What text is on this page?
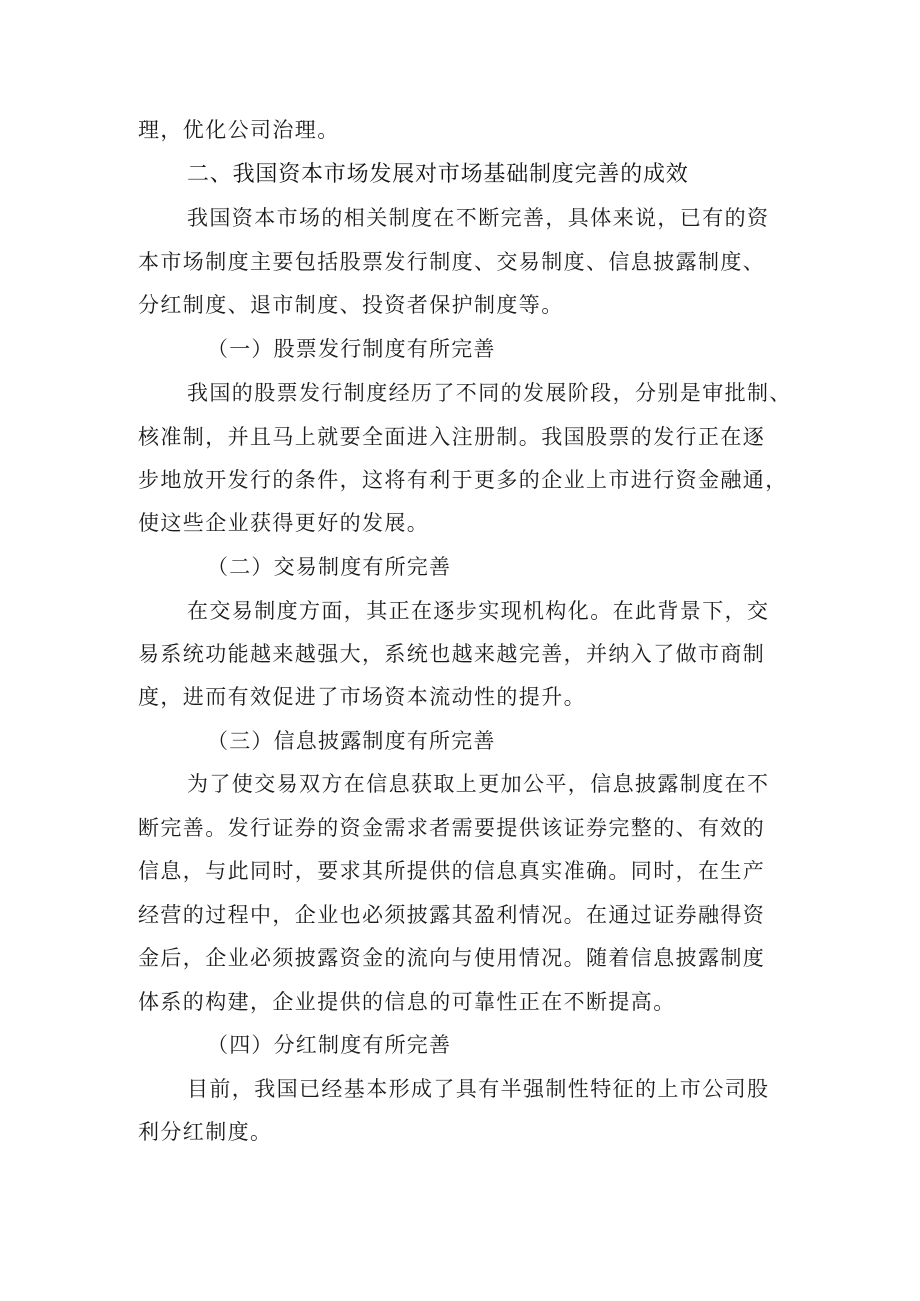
理，优化公司治理。
二、我国资本市场发展对市场基础制度完善的成效
我国资本市场的相关制度在不断完善，具体来说，已有的资
本市场制度主要包括股票发行制度、交易制度、信息披露制度、
分红制度、退市制度、投资者保护制度等。
（一）股票发行制度有所完善
我国的股票发行制度经历了不同的发展阶段，分别是审批制、
核准制，并且马上就要全面进入注册制。我国股票的发行正在逐
步地放开发行的条件，这将有利于更多的企业上市进行资金融通，
使这些企业获得更好的发展。
（二）交易制度有所完善
在交易制度方面，其正在逐步实现机构化。在此背景下，交
易系统功能越来越强大，系统也越来越完善，并纳入了做市商制
度，进而有效促进了市场资本流动性的提升。
（三）信息披露制度有所完善
为了使交易双方在信息获取上更加公平，信息披露制度在不
断完善。发行证券的资金需求者需要提供该证券完整的、有效的
信息，与此同时，要求其所提供的信息真实准确。同时，在生产
经营的过程中，企业也必须披露其盈利情况。在通过证券融得资
金后，企业必须披露资金的流向与使用情况。随着信息披露制度
体系的构建，企业提供的信息的可靠性正在不断提高。
（四）分红制度有所完善
目前，我国已经基本形成了具有半强制性特征的上市公司股
利分红制度。
